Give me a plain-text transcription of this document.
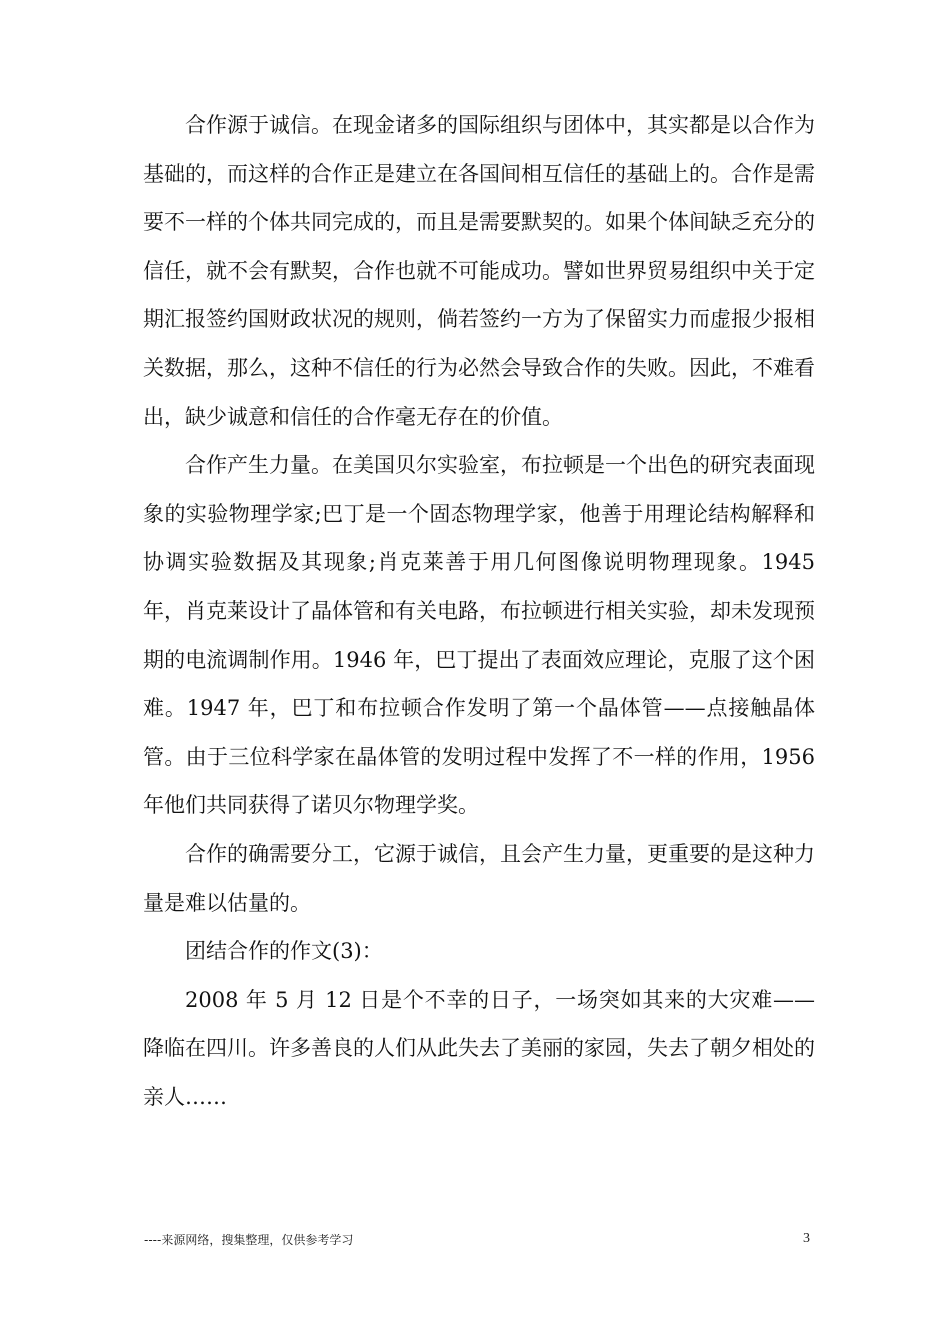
合作源于诚信。在现金诸多的国际组织与团体中，其实都是以合作为基础的，而这样的合作正是建立在各国间相互信任的基础上的。合作是需要不一样的个体共同完成的，而且是需要默契的。如果个体间缺乏充分的信任，就不会有默契，合作也就不可能成功。譬如世界贸易组织中关于定期汇报签约国财政状况的规则，倘若签约一方为了保留实力而虚报少报相关数据，那么，这种不信任的行为必然会导致合作的失败。因此，不难看出，缺少诚意和信任的合作毫无存在的价值。

合作产生力量。在美国贝尔实验室，布拉顿是一个出色的研究表面现象的实验物理学家;巴丁是一个固态物理学家，他善于用理论结构解释和协调实验数据及其现象;肖克莱善于用几何图像说明物理现象。1945 年，肖克莱设计了晶体管和有关电路，布拉顿进行相关实验，却未发现预期的电流调制作用。1946 年，巴丁提出了表面效应理论，克服了这个困难。1947 年，巴丁和布拉顿合作发明了第一个晶体管——点接触晶体管。由于三位科学家在晶体管的发明过程中发挥了不一样的作用，1956 年他们共同获得了诺贝尔物理学奖。

合作的确需要分工，它源于诚信，且会产生力量，更重要的是这种力量是难以估量的。

团结合作的作文(3)：

2008 年 5 月 12 日是个不幸的日子，一场突如其来的大灾难——降临在四川。许多善良的人们从此失去了美丽的家园，失去了朝夕相处的亲人……

----来源网络，搜集整理，仅供参考学习	3
